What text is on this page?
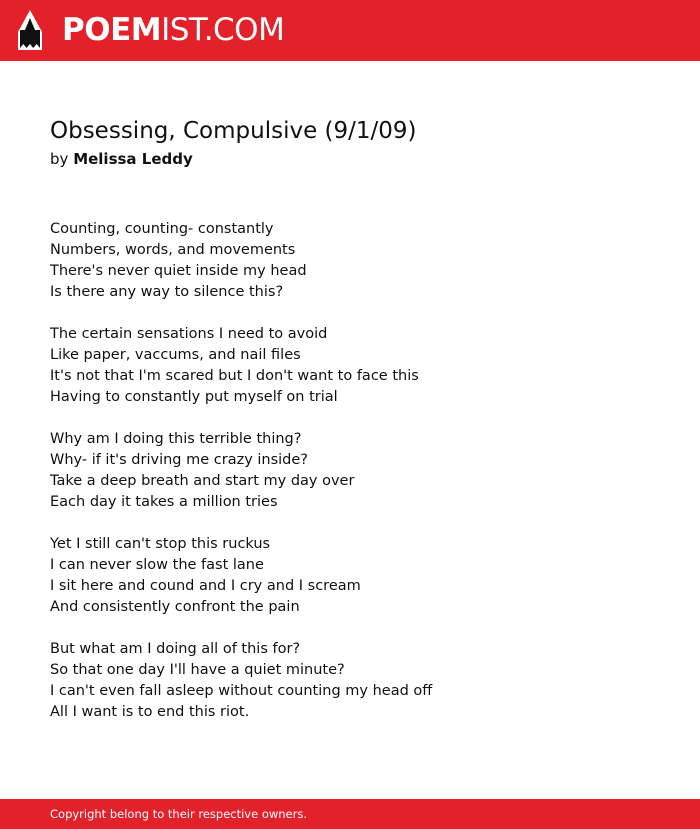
POEMIST.COM
Obsessing, Compulsive (9/1/09)
by Melissa Leddy
Counting, counting- constantly
Numbers, words, and movements
There's never quiet inside my head
Is there any way to silence this?
The certain sensations I need to avoid
Like paper, vaccums, and nail files
It's not that I'm scared but I don't want to face this
Having to constantly put myself on trial
Why am I doing this terrible thing?
Why- if it's driving me crazy inside?
Take a deep breath and start my day over
Each day it takes a million tries
Yet I still can't stop this ruckus
I can never slow the fast lane
I sit here and cound and I cry and I scream
And consistently confront the pain
But what am I doing all of this for?
So that one day I'll have a quiet minute?
I can't even fall asleep without counting my head off
All I want is to end this riot.
Copyright belong to their respective owners.
